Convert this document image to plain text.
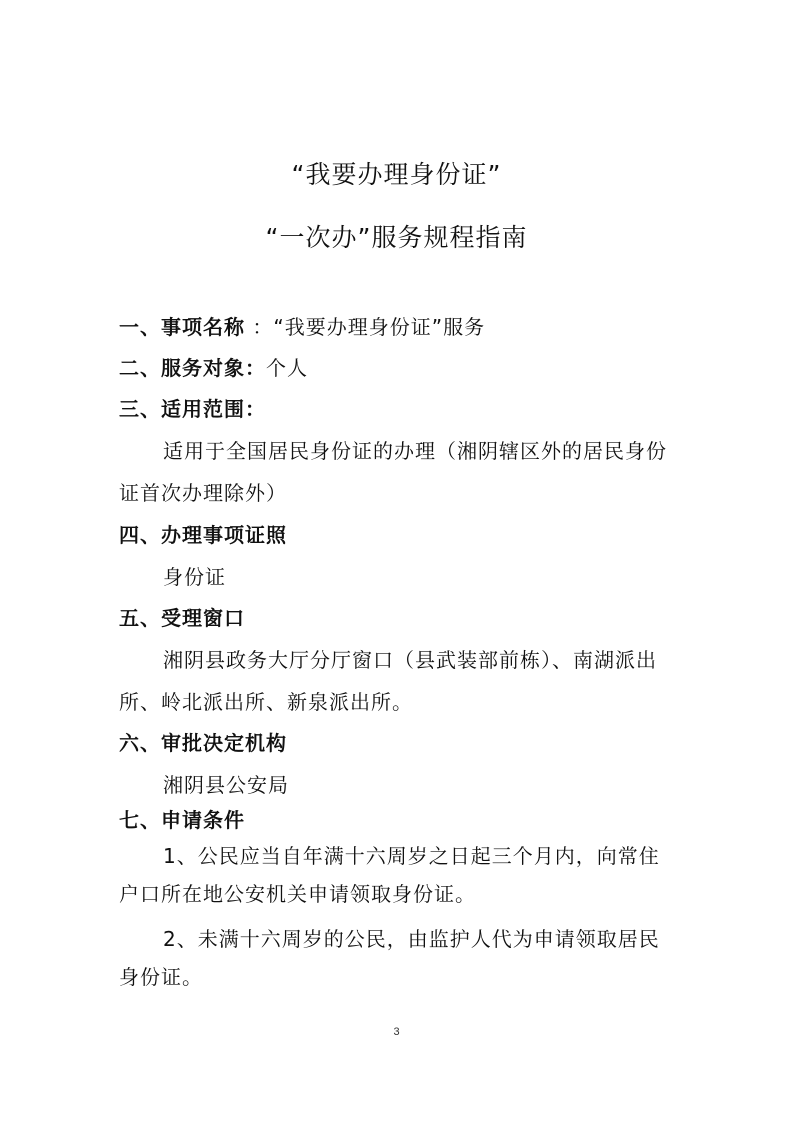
“我要办理身份证”
“一次办”服务规程指南
一、事项名称 ：“我要办理身份证”服务
二、服务对象：个人
三、适用范围：
适用于全国居民身份证的办理（湘阴辖区外的居民身份
证首次办理除外）
四、办理事项证照
身份证
五、受理窗口
湘阴县政务大厅分厅窗口（县武装部前栋）、南湖派出
所、岭北派出所、新泉派出所。
六、审批决定机构
湘阴县公安局
七、申请条件
1、公民应当自年满十六周岁之日起三个月内，向常住
户口所在地公安机关申请领取身份证。
2、未满十六周岁的公民，由监护人代为申请领取居民
身份证。
3
